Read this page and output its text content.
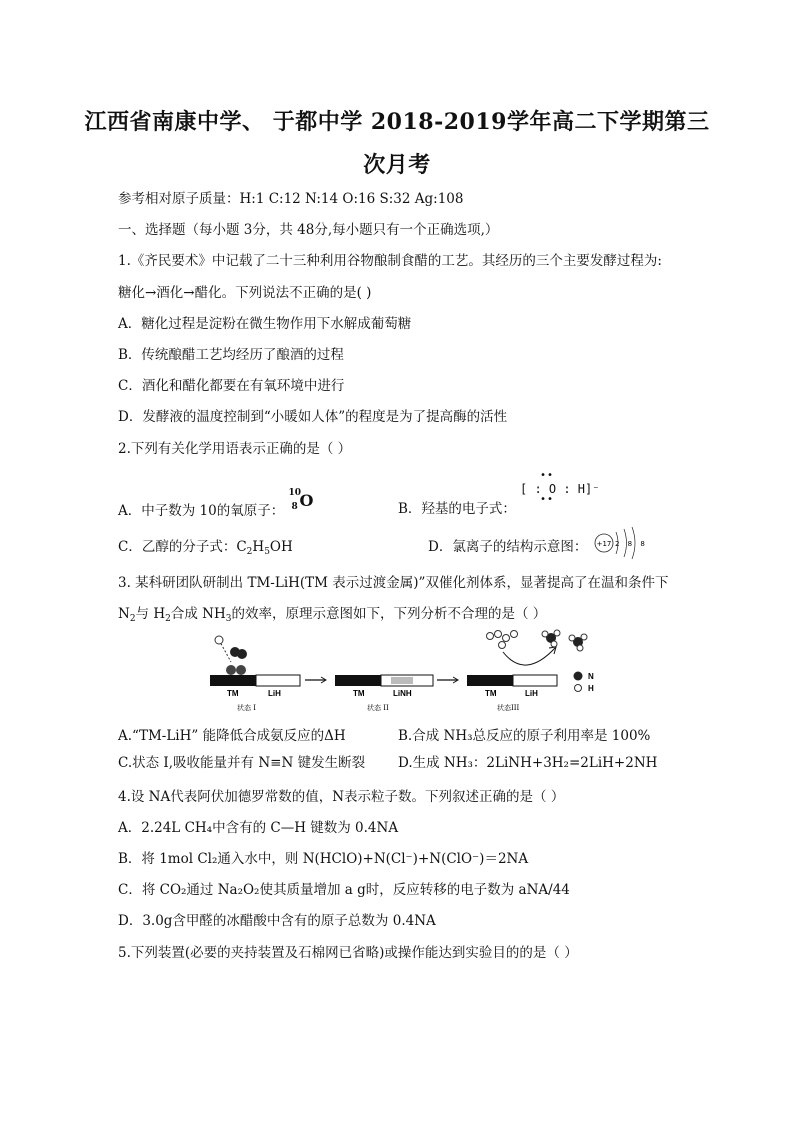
江西省南康中学、 于都中学 2018-2019学年高二下学期第三
次月考
参考相对原子质量：H:1 C:12 N:14 O:16 S:32 Ag:108
一、选择题（每小题 3分，共 48分,每小题只有一个正确选项,）
1.《齐民要术》中记载了二十三种利用谷物酿制食醋的工艺。其经历的三个主要发酵过程为:
糖化→酒化→醋化。下列说法不正确的是( )
A．糖化过程是淀粉在微生物作用下水解成葡萄糖
B．传统酿醋工艺均经历了酿酒的过程
C．酒化和醋化都要在有氧环境中进行
D．发酵液的温度控制到“小暖如人体”的程度是为了提高酶的活性
2.下列有关化学用语表示正确的是（ ）
A．中子数为 10的氧原子：
10
8 O	B．羟基的电子式：
••
[ : O : H]⁻
••
C．乙醇的分子式：$C_2H_5OH$	D．氯离子的结构示意图： +17 2 8 8
3. 某科研团队研制出 TM-LiH(TM 表示过渡金属)”双催化剂体系，显著提高了在温和条件下
$N_2$与 $H_2$合成 $NH_3$的效率，原理示意图如下，下列分析不合理的是（ ）
TM	LiH
状态 I
TM	LiNH
状态 II
TM	LiH
状态III
N
H
A.“TM-LiH” 能降低合成氨反应的ΔH	B.合成 NH₃总反应的原子利用率是 100%
C.状态 I,吸收能量并有 N≡N 键发生断裂 D.生成 NH₃：2LiNH+3H₂=2LiH+2NH
4.设 NA代表阿伏加德罗常数的值，N表示粒子数。下列叙述正确的是（ ）
A．2.24L CH₄中含有的 C—H 键数为 0.4NA
B．将 1mol Cl₂通入水中，则 N(HClO)+N(Cl⁻)+N(ClO⁻)＝2NA
C．将 CO₂通过 Na₂O₂使其质量增加 a g时，反应转移的电子数为 aNA/44
D．3.0g含甲醛的冰醋酸中含有的原子总数为 0.4NA
5.下列装置(必要的夹持装置及石棉网已省略)或操作能达到实验目的的是（ ）
